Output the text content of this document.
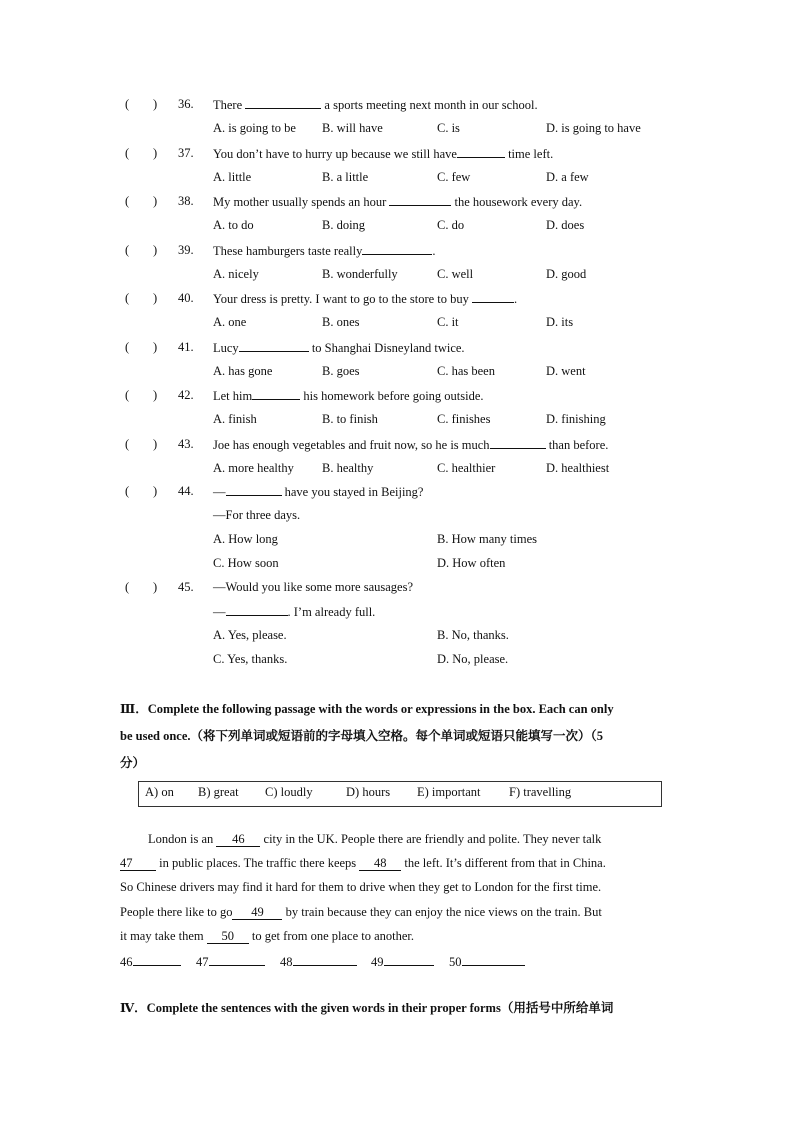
( ) 36. There	a sports meeting next month in our school.
A. is going to be B. will have	C. is	D. is going to have
( ) 37. You don’t have to hurry up because we still have	time left.
A. little	B. a little	C. few	D. a few
( ) 38. My mother usually spends an hour	the housework every day.
A. to do	B. doing	C. do	D. does
( ) 39. These hamburgers taste really	.
A. nicely	B. wonderfully	C. well	D. good
( ) 40. Your dress is pretty. I want to go to the store to buy	.
A. one	B. ones	C. it	D. its
( ) 41. Lucy	to Shanghai Disneyland twice.
A. has gone	B. goes	C. has been	D. went
( ) 42. Let him	his homework before going outside.
A. finish	B. to finish	C. finishes	D. finishing
( ) 43. Joe has enough vegetables and fruit now, so he is much	than before.
A. more healthy B. healthy	C. healthier	D. healthiest
( ) 44. —	have you stayed in Beijing?
—For three days.
A. How long	B. How many times
C. How soon	D. How often
( ) 45. —Would you like some more sausages?
—	. I’m already full.
A. Yes, please.	B. No, thanks.
C. Yes, thanks.	D. No, please.
Ⅲ．Complete the following passage with the words or expressions in the box. Each can only
be used once.（将下列单词或短语前的字母填入空格。每个单词或短语只能填写一次）（5
分）
A) on B) great C) loudly	D) hours E) important F) travelling
London is an 46 city in the UK. People there are friendly and polite. They never talk
47 in public places. The traffic there keeps 48 the left. It’s different from that in China.
So Chinese drivers may find it hard for them to drive when they get to London for the first time.
People there like to go 49 by train because they can enjoy the nice views on the train. But
it may take them 50 to get from one place to another.
46	47	48	49	50
Ⅳ．Complete the sentences with the given words in their proper forms（用括号中所给单词
